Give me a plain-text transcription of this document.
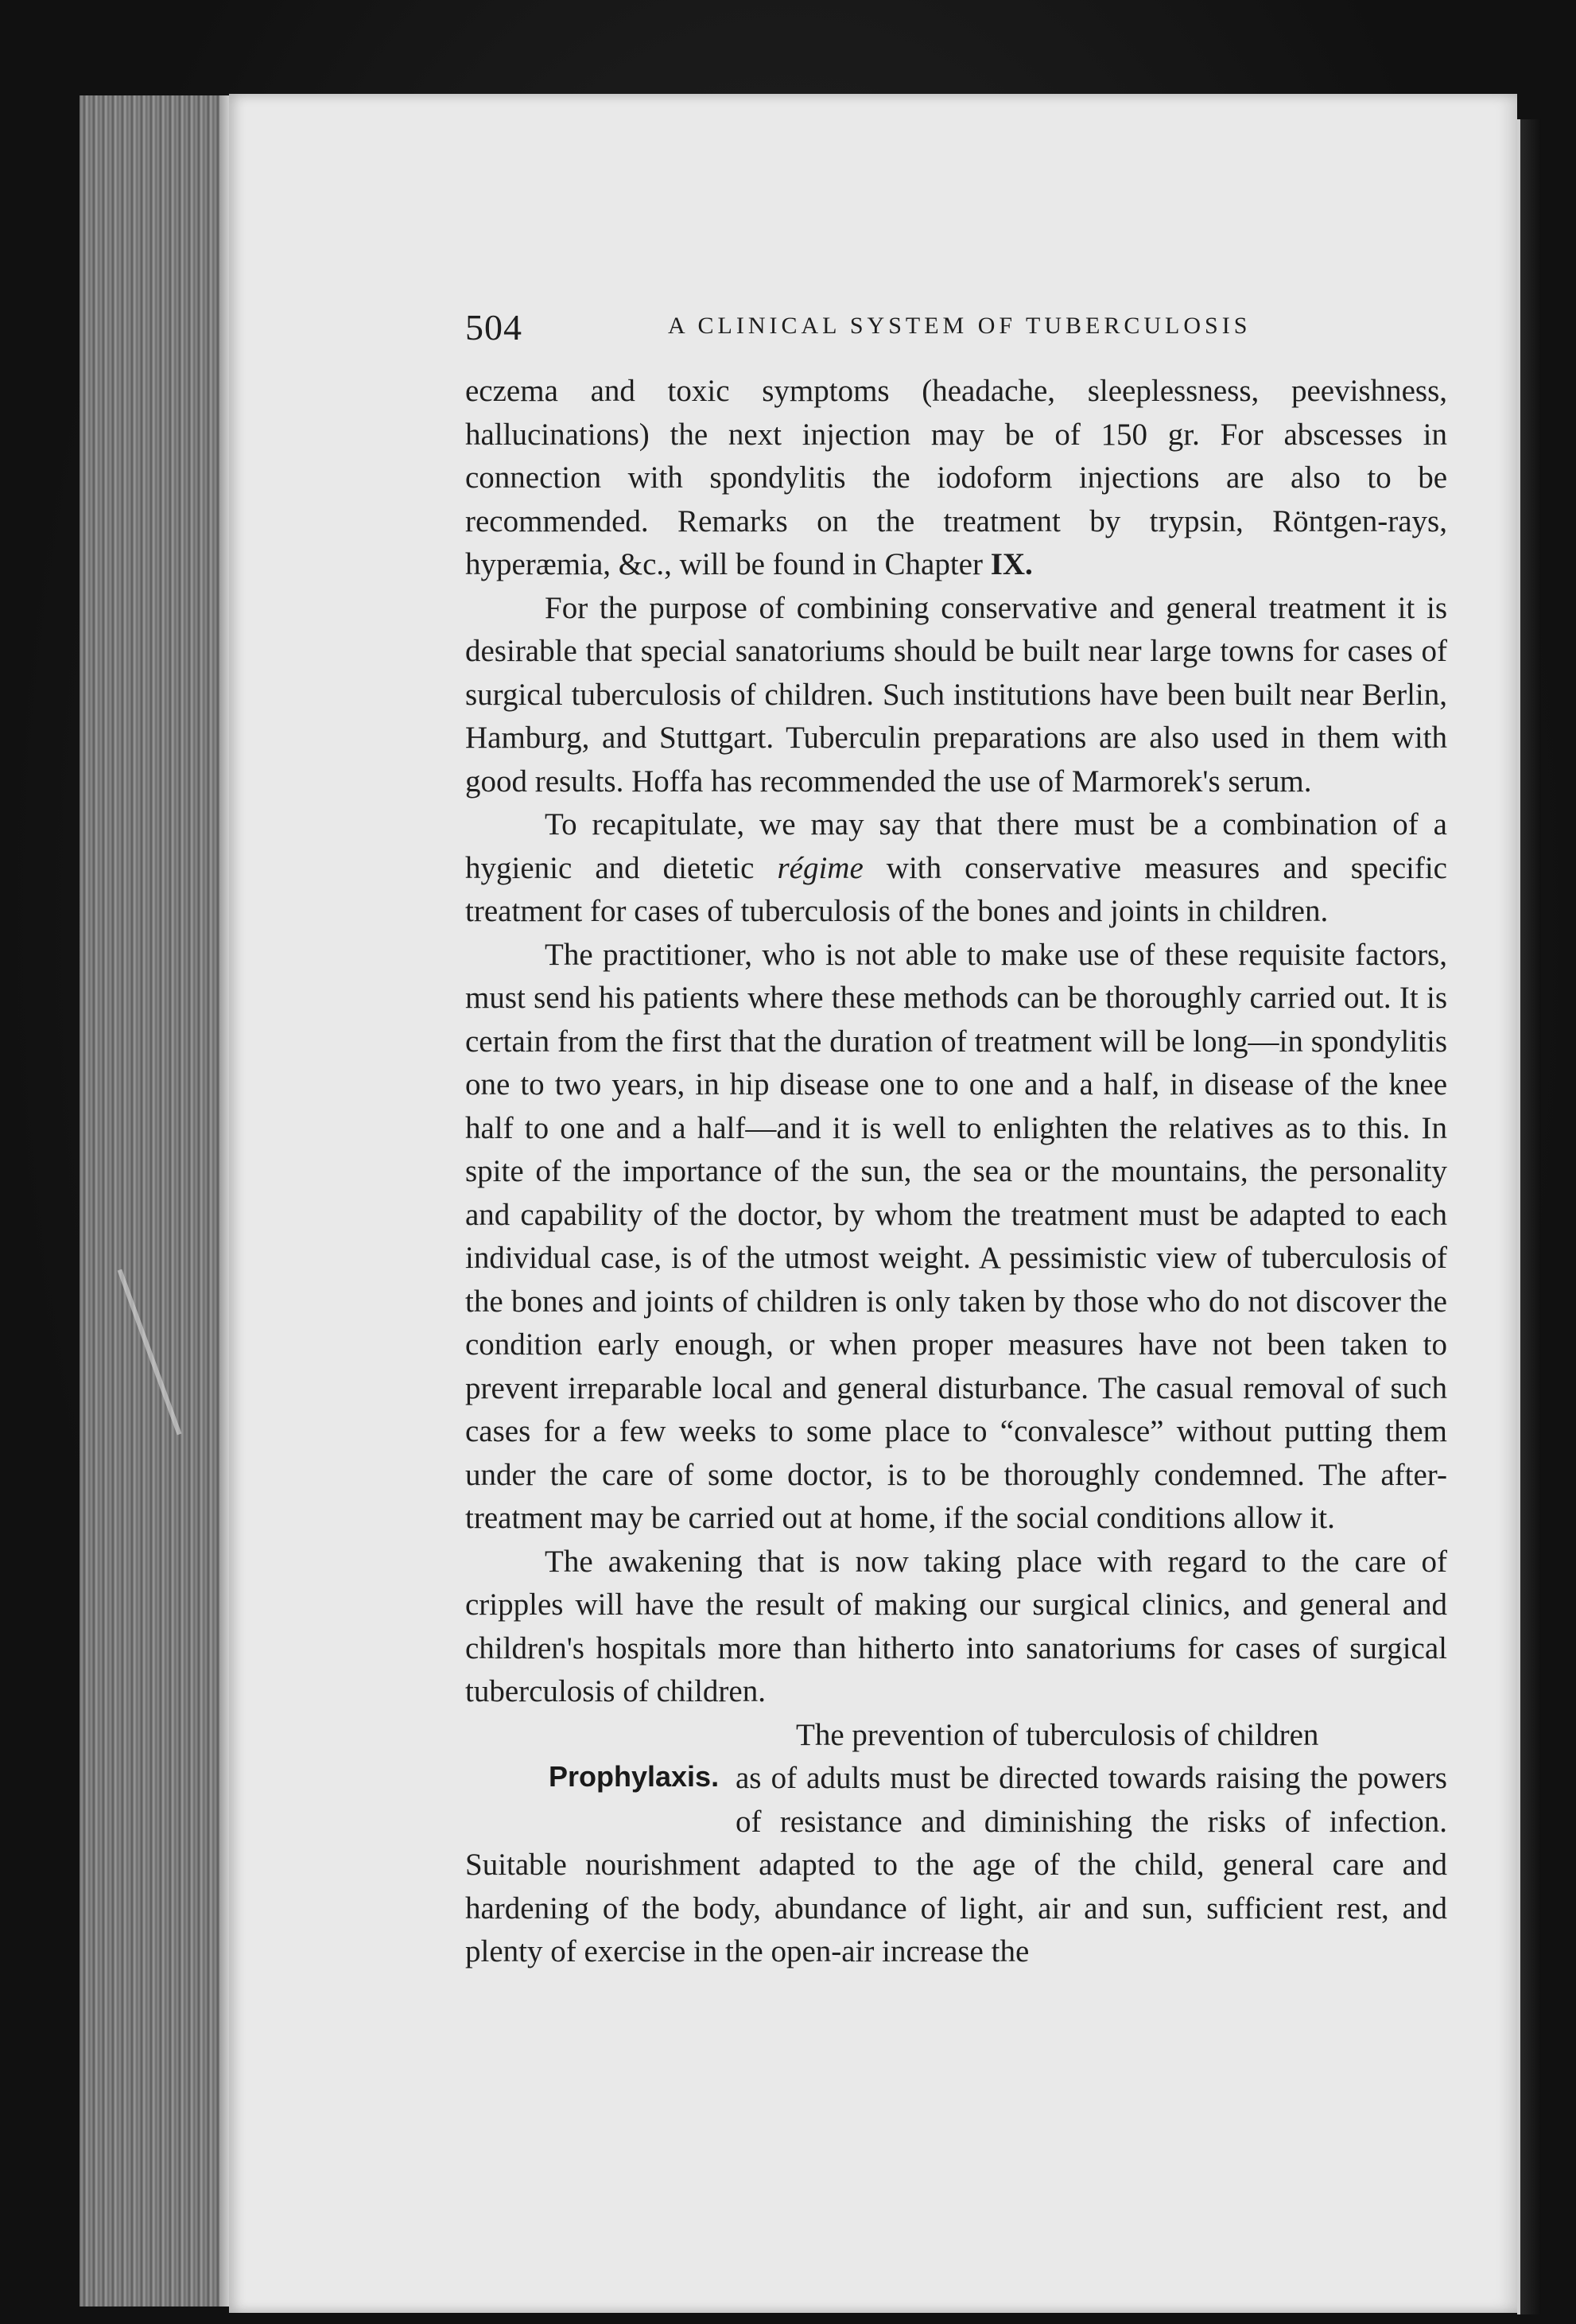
504	A CLINICAL SYSTEM OF TUBERCULOSIS

eczema and toxic symptoms (headache, sleeplessness, peevishness, hallucinations) the next injection may be of 150 gr. For abscesses in connection with spondylitis the iodoform injections are also to be recommended. Remarks on the treatment by trypsin, Röntgen-rays, hyperæmia, &c., will be found in Chapter IX.

For the purpose of combining conservative and general treatment it is desirable that special sanatoriums should be built near large towns for cases of surgical tuberculosis of children. Such institutions have been built near Berlin, Hamburg, and Stuttgart. Tuberculin preparations are also used in them with good results. Hoffa has recommended the use of Marmorek's serum.

To recapitulate, we may say that there must be a combination of a hygienic and dietetic régime with conservative measures and specific treatment for cases of tuberculosis of the bones and joints in children.

The practitioner, who is not able to make use of these requisite factors, must send his patients where these methods can be thoroughly carried out. It is certain from the first that the duration of treatment will be long—in spondylitis one to two years, in hip disease one to one and a half, in disease of the knee half to one and a half—and it is well to enlighten the relatives as to this. In spite of the importance of the sun, the sea or the mountains, the personality and capability of the doctor, by whom the treatment must be adapted to each individual case, is of the utmost weight. A pessimistic view of tuberculosis of the bones and joints of children is only taken by those who do not discover the condition early enough, or when proper measures have not been taken to prevent irreparable local and general disturbance. The casual removal of such cases for a few weeks to some place to “convalesce” without putting them under the care of some doctor, is to be thoroughly condemned. The after-treatment may be carried out at home, if the social conditions allow it.

The awakening that is now taking place with regard to the care of cripples will have the result of making our surgical clinics, and general and children's hospitals more than hitherto into sanatoriums for cases of surgical tuberculosis of children.

The prevention of tuberculosis of children
Prophylaxis. as of adults must be directed towards raising the powers of resistance and diminishing the risks of infection. Suitable nourishment adapted to the age of the child, general care and hardening of the body, abundance of light, air and sun, sufficient rest, and plenty of exercise in the open-air increase the
